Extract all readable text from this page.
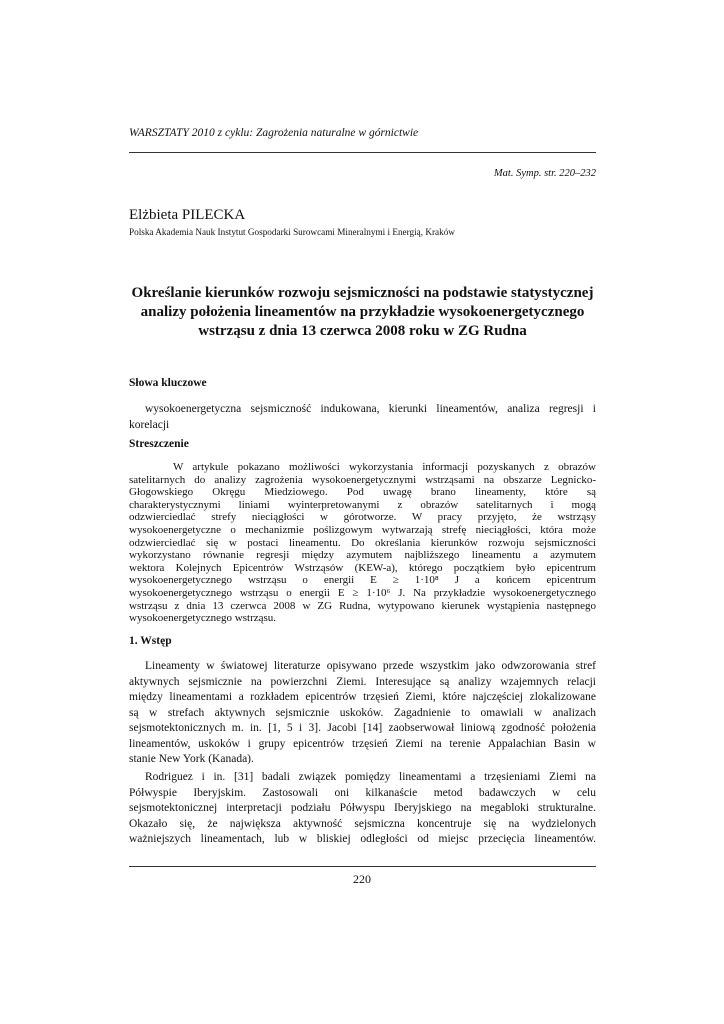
WARSZTATY 2010 z cyklu: Zagrożenia naturalne w górnictwie
Mat. Symp. str. 220–232
Elżbieta PILECKA
Polska Akademia Nauk Instytut Gospodarki Surowcami Mineralnymi i Energią, Kraków
Określanie kierunków rozwoju sejsmiczności na podstawie statystycznej
analizy położenia lineamentów na przykładzie wysokoenergetycznego
wstrząsu z dnia 13 czerwca 2008 roku w ZG Rudna
Słowa kluczowe
wysokoenergetyczna sejsmiczność indukowana, kierunki lineamentów, analiza regresji i
korelacji
Streszczenie
W artykule pokazano możliwości wykorzystania informacji pozyskanych z obrazów
satelitarnych do analizy zagrożenia wysokoenergetycznymi wstrząsami na obszarze Legnicko-
Głogowskiego Okręgu Miedziowego. Pod uwagę brano lineamenty, które są
charakterystycznymi liniami wyinterpretowanymi z obrazów satelitarnych i mogą
odzwierciedlać strefy nieciągłości w górotworze. W pracy przyjęto, że wstrząsy
wysokoenergetyczne o mechanizmie poślizgowym wytwarzają strefę nieciągłości, która może
odzwierciedlać się w postaci lineamentu. Do określania kierunków rozwoju sejsmiczności
wykorzystano równanie regresji między azymutem najbliższego lineamentu a azymutem
wektora Kolejnych Epicentrów Wstrząsów (KEW-a), którego początkiem było epicentrum
wysokoenergetycznego wstrząsu o energii E ≥ 1·10⁸ J a końcem epicentrum
wysokoenergetycznego wstrząsu o energii E ≥ 1·10⁶ J. Na przykładzie wysokoenergetycznego
wstrząsu z dnia 13 czerwca 2008 w ZG Rudna, wytypowano kierunek wystąpienia następnego
wysokoenergetycznego wstrząsu.
1. Wstęp
Lineamenty w światowej literaturze opisywano przede wszystkim jako odwzorowania stref
aktywnych sejsmicznie na powierzchni Ziemi. Interesujące są analizy wzajemnych relacji
między lineamentami a rozkładem epicentrów trzęsień Ziemi, które najczęściej zlokalizowane
są w strefach aktywnych sejsmicznie uskoków. Zagadnienie to omawiali w analizach
sejsmotektonicznych m. in. [1, 5 i 3]. Jacobi [14] zaobserwował liniową zgodność położenia
lineamentów, uskoków i grupy epicentrów trzęsień Ziemi na terenie Appalachian Basin w
stanie New York (Kanada).
Rodriguez i in. [31] badali związek pomiędzy lineamentami a trzęsieniami Ziemi na
Półwyspie Iberyjskim. Zastosowali oni kilkanaście metod badawczych w celu
sejsmotektonicznej interpretacji podziału Półwyspu Iberyjskiego na megabloki strukturalne.
Okazało się, że największa aktywność sejsmiczna koncentruje się na wydzielonych
ważniejszych lineamentach, lub w bliskiej odległości od miejsc przecięcia lineamentów.
220
